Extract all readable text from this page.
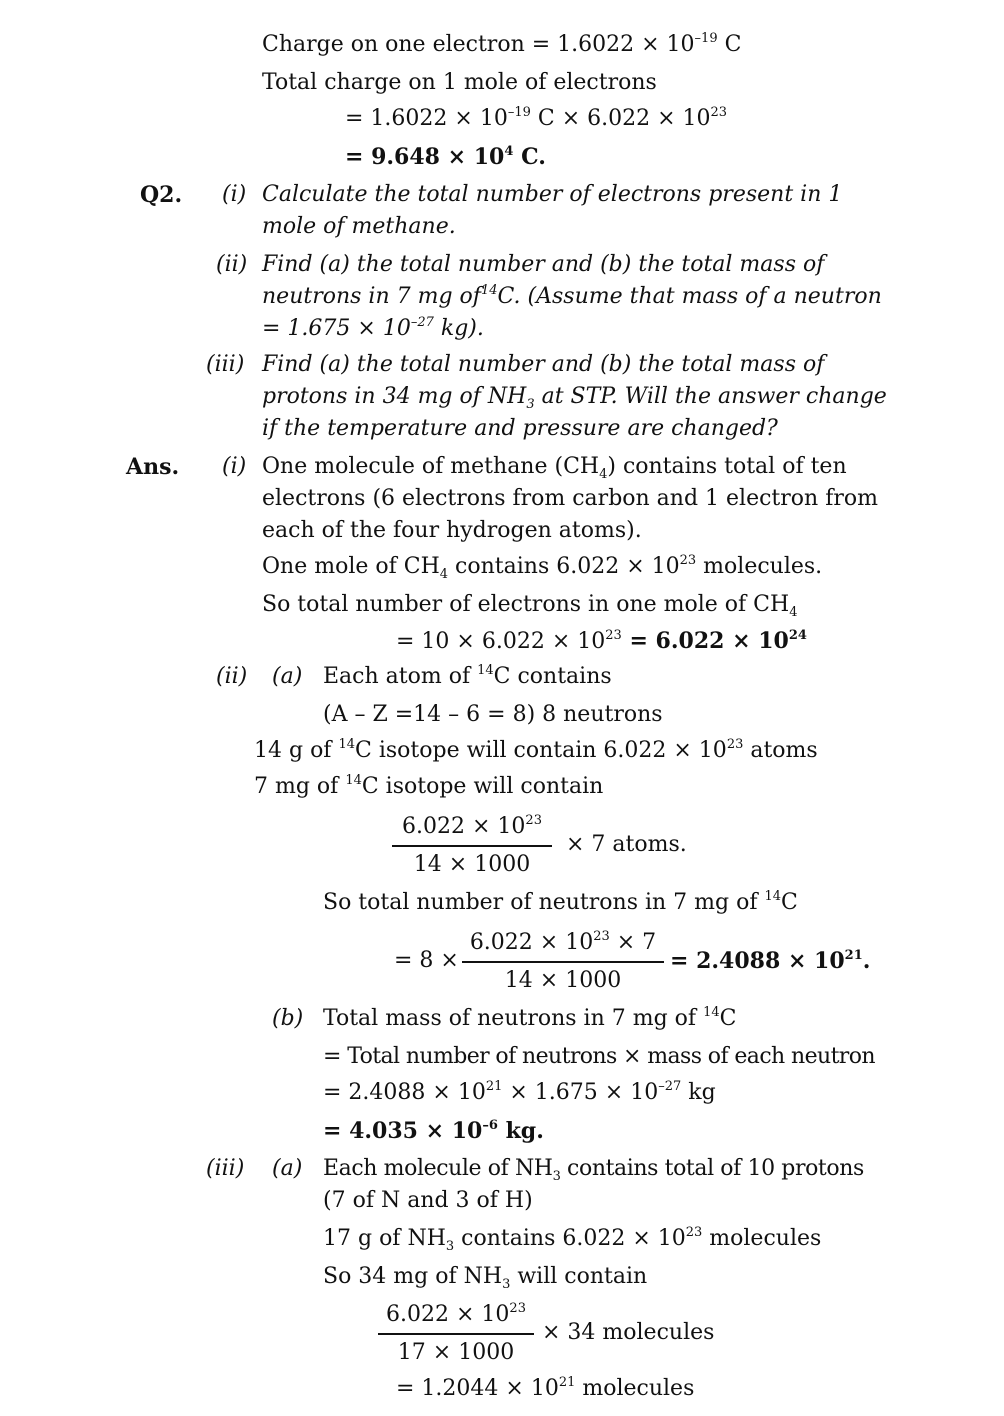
Charge on one electron = $1.6022 \times 10^{-19}$ C
Total charge on 1 mole of electrons
= $1.6022 \times 10^{-19}$ $C \times 6.022 \times 10^{23}$
= $9.648 \times 10^4$ C.
Q2. (i) Calculate the total number of electrons present in 1
mole of methane.
(ii) Find (a) the total number and (b) the total mass of
neutrons in 7 mg $of^{14}C$. (Assume that mass of a neutron
= $1.675 \times 10^{-27}$ kg).
(iii) Find (a) the total number and (b) the total mass of
protons in 34 mg of $NH_3$ at STP. Will the answer change
if the temperature and pressure are changed?
Ans. (i) One molecule of methane $(CH_4)$ contains total of ten
electrons (6 electrons from carbon and 1 electron from
each of the four hydrogen atoms).
One mole of $CH_4$ contains $6.022 \times 10^{23}$ molecules.
So total number of electrons in one mole of $CH_4$
= $10 \times 6.022 \times 10^{23} = 6.022 \times 10^{24}$
(ii) (a) Each atom of $^{14}$C contains
(A – Z =14 – 6 = 8) 8 neutrons
14 g of $^{14}$C isotope will contain $6.022 \times 10^{23}$ atoms
7 mg of $^{14}$C isotope will contain
$6.022 \times 10^{23}$
14 × 1000
× 7 atoms.
So total number of neutrons in 7 mg of $^{14}$C
= 8 ×
$6.022 \times 10^{23} \times 7$
14 × 1000
= $2.4088 \times 10^{21}$.
(b) Total mass of neutrons in 7 mg of $^{14}$C
= Total number of neutrons × mass of each neutron
= $2.4088 \times 10^{21} \times 1.675 \times 10^{-27}$ kg
= $4.035 \times 10^{-6}$ kg.
(iii) (a) Each molecule of $NH_3$ contains total of 10 protons
(7 of N and 3 of H)
17 g of $NH_3$ contains $6.022 \times 10^{23}$ molecules
So 34 mg of $NH_3$ will contain
$6.022 \times 10^{23}$
17 × 1000
× 34 molecules
= $1.2044 \times 10^{21}$ molecules
